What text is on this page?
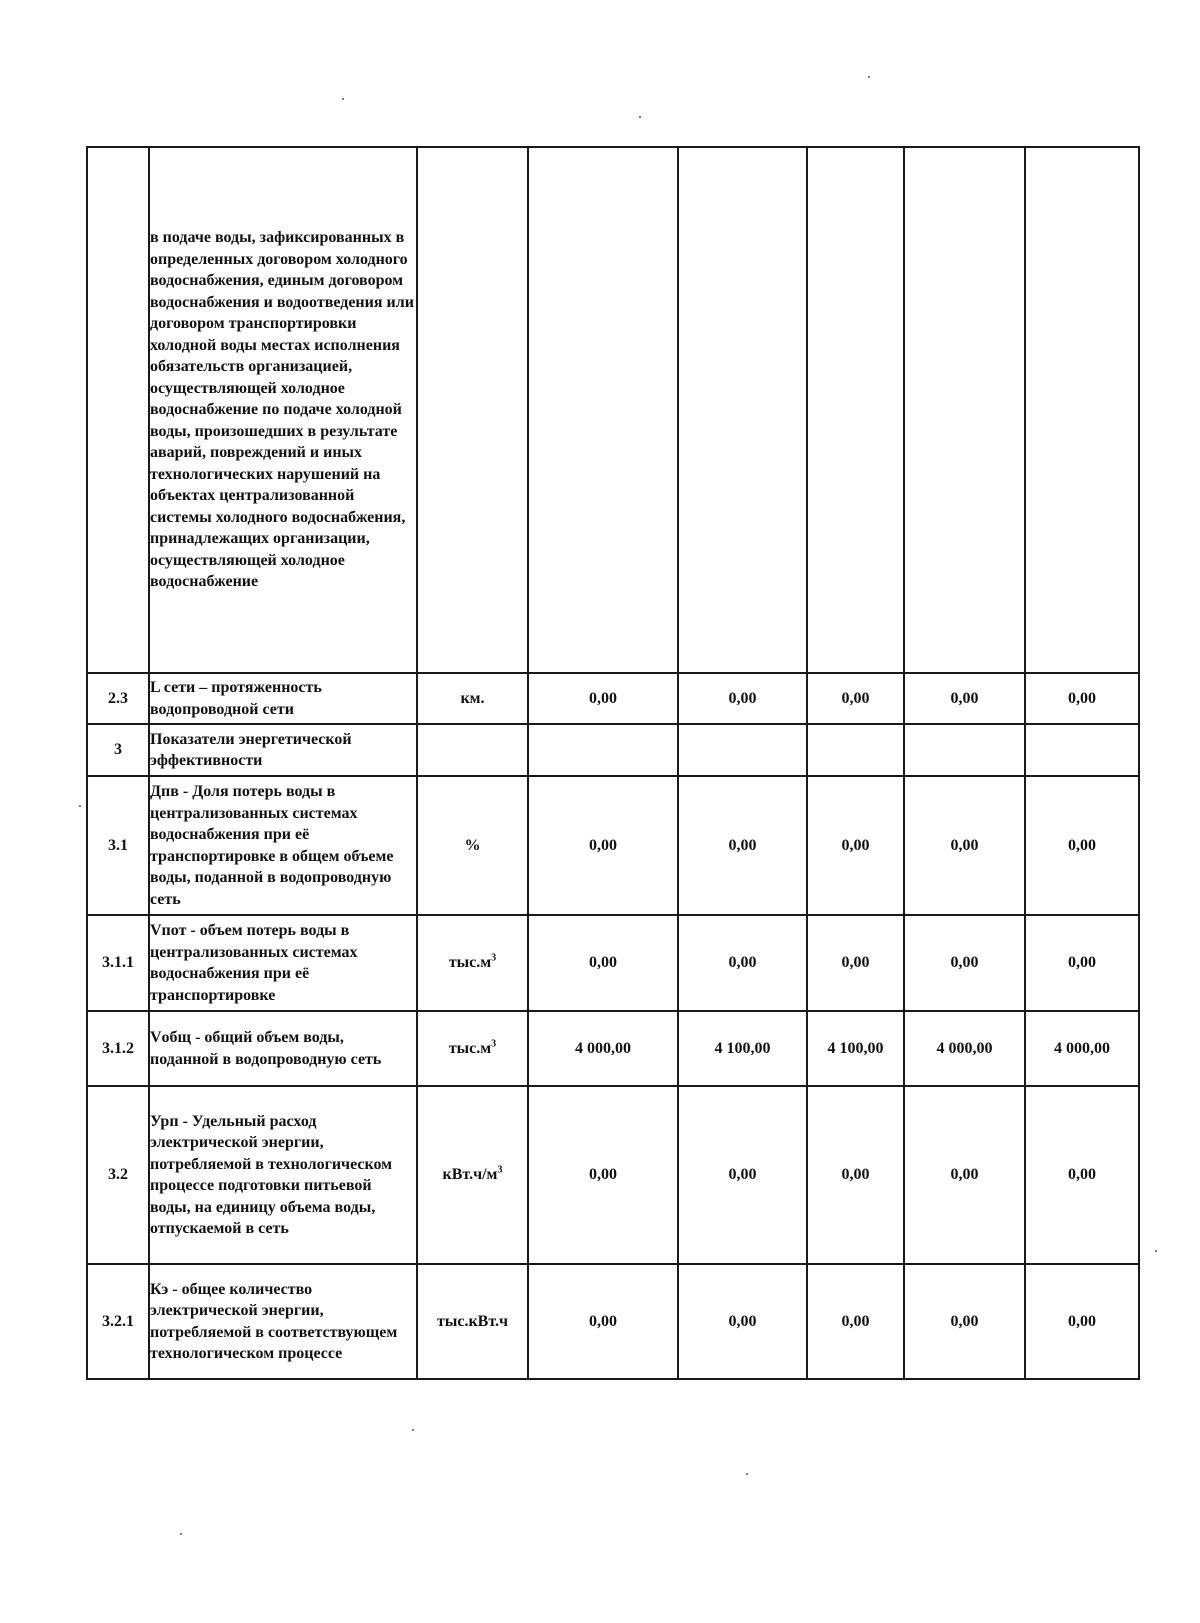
	в подаче воды, зафиксированных в определенных договором холодного водоснабжения, единым договором водоснабжения и водоотведения или договором транспортировки холодной воды местах исполнения обязательств организацией, осуществляющей холодное водоснабжение по подаче холодной воды, произошедших в результате аварий, повреждений и иных технологических нарушений на объектах централизованной системы холодного водоснабжения, принадлежащих организации, осуществляющей холодное водоснабжение						
2.3	L сети – протяженность водопроводной сети	км.	0,00	0,00	0,00	0,00	0,00
3	Показатели энергетической эффективности						
3.1	Дпв - Доля потерь воды в централизованных системах водоснабжения при её транспортировке в общем объеме воды, поданной в водопроводную сеть	%	0,00	0,00	0,00	0,00	0,00
3.1.1	Vпот - объем потерь воды в централизованных системах водоснабжения при её транспортировке	$тыс.м^3$	0,00	0,00	0,00	0,00	0,00
3.1.2	Vобщ - общий объем воды, поданной в водопроводную сеть	$тыс.м^3$	4 000,00	4 100,00	4 100,00	4 000,00	4 000,00
3.2	Урп - Удельный расход электрической энергии, потребляемой в технологическом процессе подготовки питьевой воды, на единицу объема воды, отпускаемой в сеть	$кВт.ч/м^3$	0,00	0,00	0,00	0,00	0,00
3.2.1	Кэ - общее количество электрической энергии, потребляемой в соответствующем технологическом процессе	тыс.кВт.ч	0,00	0,00	0,00	0,00	0,00
